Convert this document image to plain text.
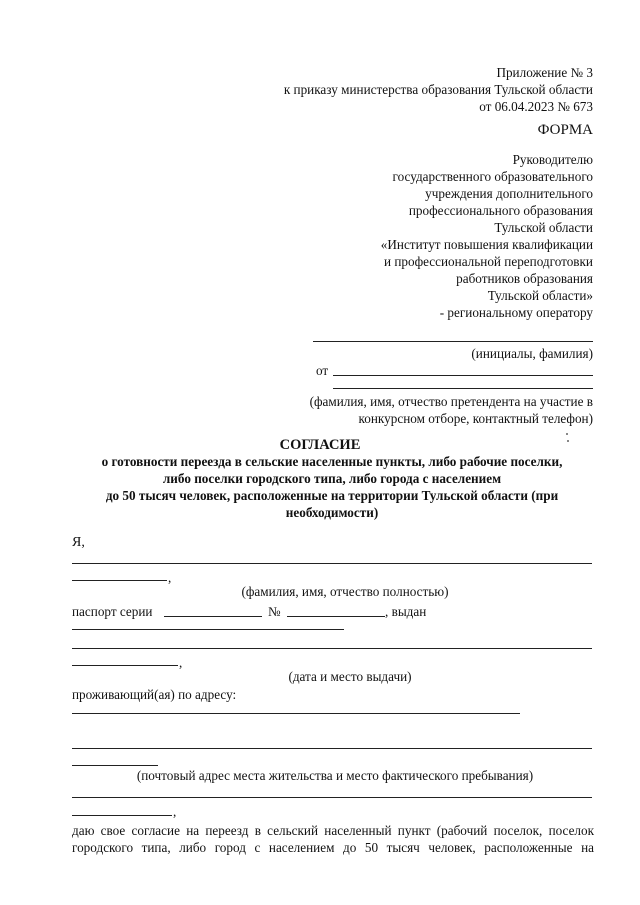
Приложение № 3
к приказу министерства образования Тульской области
от 06.04.2023 № 673
ФОРМА
Руководителю
государственного образовательного
учреждения дополнительного
профессионального образования
Тульской области
«Институт повышения квалификации
и профессиональной переподготовки
работников образования
Тульской области»
- региональному оператору
(инициалы, фамилия)
от
(фамилия, имя, отчество претендента на участие в
конкурсном отборе, контактный телефон)
СОГЛАСИЕ
о готовности переезда в сельские населенные пункты, либо рабочие поселки,
либо поселки городского типа, либо города с населением
до 50 тысяч человек, расположенные на территории Тульской области (при
необходимости)
Я,
,
(фамилия, имя, отчество полностью)
паспорт серии	№	, выдан
,
(дата и место выдачи)
проживающий(ая) по адресу:
(почтовый адрес места жительства и место фактического пребывания)
,
даю свое согласие на переезд в сельский населенный пункт (рабочий поселок, поселок
городского типа, либо город с населением до 50 тысяч человек, расположенные на
